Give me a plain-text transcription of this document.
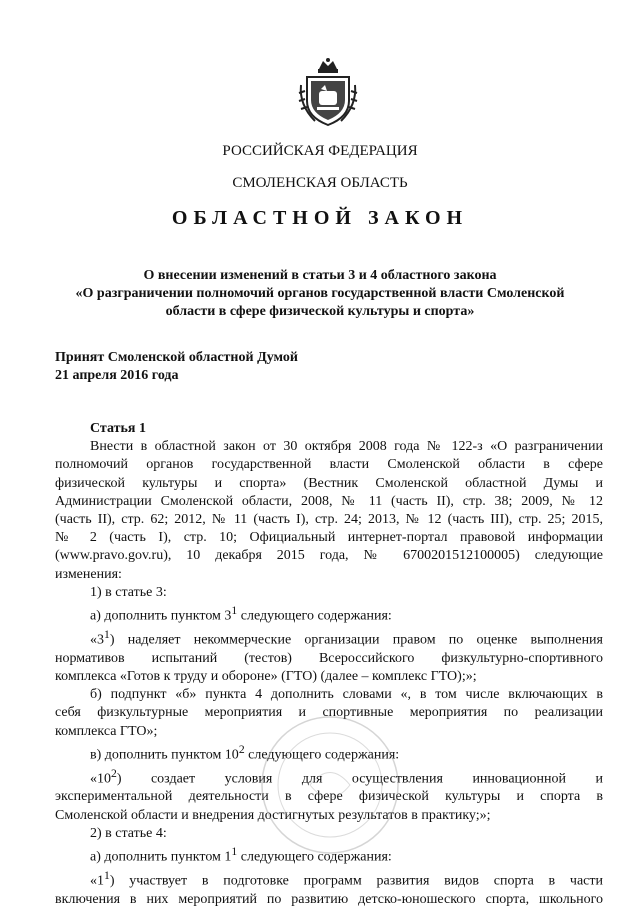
РОССИЙСКАЯ ФЕДЕРАЦИЯ
СМОЛЕНСКАЯ ОБЛАСТЬ
ОБЛАСТНОЙ ЗАКОН
О внесении изменений в статьи 3 и 4 областного закона
«О разграничении полномочий органов государственной власти Смоленской
области в сфере физической культуры и спорта»
Принят Смоленской областной Думой
21 апреля 2016 года
Статья 1
Внести в областной закон от 30 октября 2008 года № 122-з «О разграничении
полномочий органов государственной власти Смоленской области в сфере
физической культуры и спорта» (Вестник Смоленской областной Думы и
Администрации Смоленской области, 2008, № 11 (часть II), стр. 38; 2009, № 12
(часть II), стр. 62; 2012, № 11 (часть I), стр. 24; 2013, № 12 (часть III), стр. 25; 2015,
№ 2 (часть I), стр. 10; Официальный интернет-портал правовой информации
(www.pravo.gov.ru), 10 декабря 2015 года, № 6700201512100005) следующие
изменения:
1) в статье 3:
а) дополнить пунктом $3^1$ следующего содержания:
«$3^1$) наделяет некоммерческие организации правом по оценке выполнения
нормативов испытаний (тестов) Всероссийского физкультурно-спортивного
комплекса «Готов к труду и обороне» (ГТО) (далее – комплекс ГТО);»;
б) подпункт «б» пункта 4 дополнить словами «, в том числе включающих в
себя физкультурные мероприятия и спортивные мероприятия по реализации
комплекса ГТО»;
в) дополнить пунктом $10^2$ следующего содержания:
«$10^2$) создает условия для осуществления инновационной и
экспериментальной деятельности в сфере физической культуры и спорта в
Смоленской области и внедрения достигнутых результатов в практику;»;
2) в статье 4:
а) дополнить пунктом $1^1$ следующего содержания:
«$1^1$) участвует в подготовке программ развития видов спорта в части
включения в них мероприятий по развитию детско-юношеского спорта, школьного
